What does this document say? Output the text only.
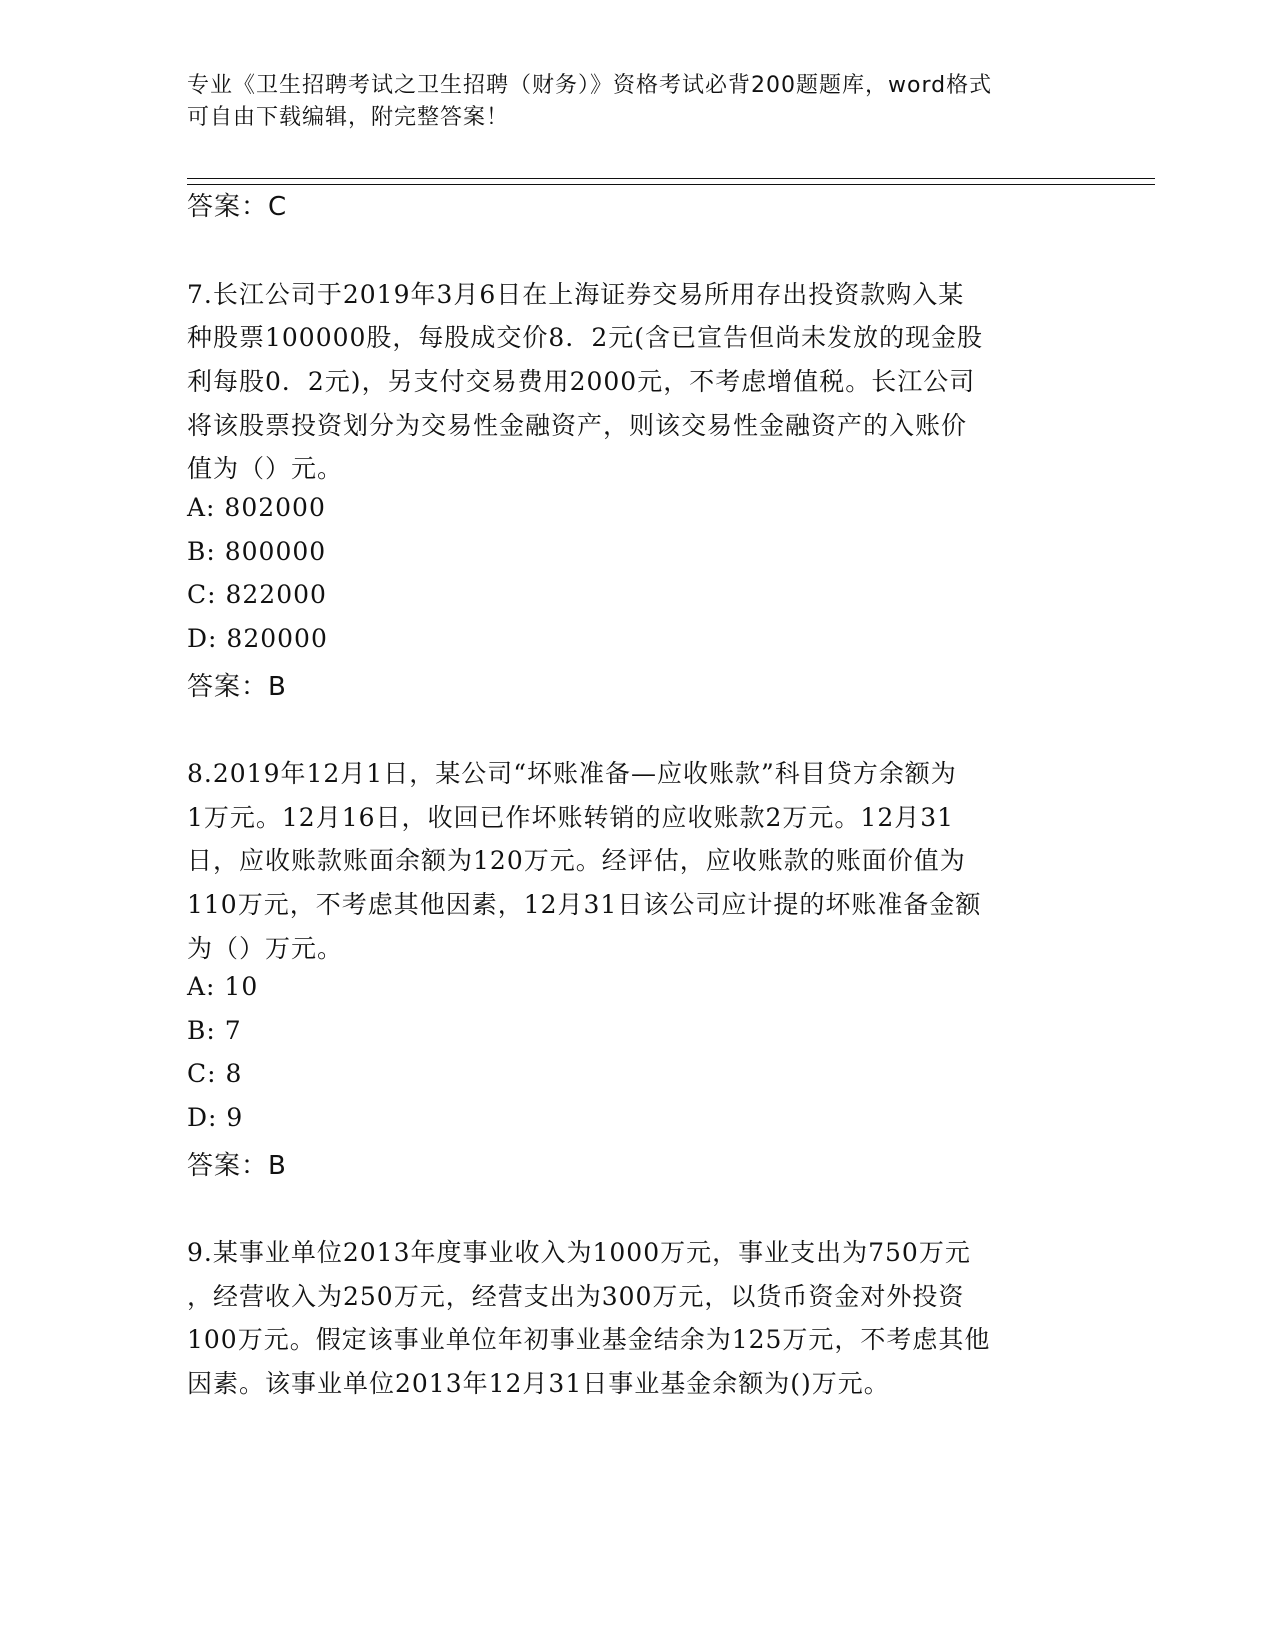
专业《卫生招聘考试之卫生招聘（财务）》资格考试必背200题题库，word格式
可自由下载编辑，附完整答案！
答案：C
7.长江公司于2019年3月6日在上海证券交易所用存出投资款购入某
种股票100000股，每股成交价8．2元(含已宣告但尚未发放的现金股
利每股0．2元)，另支付交易费用2000元，不考虑增值税。长江公司
将该股票投资划分为交易性金融资产，则该交易性金融资产的入账价
值为（）元。
A: 802000
B: 800000
C: 822000
D: 820000
答案：B
8.2019年12月1日，某公司“坏账准备—应收账款”科目贷方余额为
1万元。12月16日，收回已作坏账转销的应收账款2万元。12月31
日，应收账款账面余额为120万元。经评估，应收账款的账面价值为
110万元，不考虑其他因素，12月31日该公司应计提的坏账准备金额
为（）万元。
A: 10
B: 7
C: 8
D: 9
答案：B
9.某事业单位2013年度事业收入为1000万元，事业支出为750万元
，经营收入为250万元，经营支出为300万元，以货币资金对外投资
100万元。假定该事业单位年初事业基金结余为125万元，不考虑其他
因素。该事业单位2013年12月31日事业基金余额为()万元。
